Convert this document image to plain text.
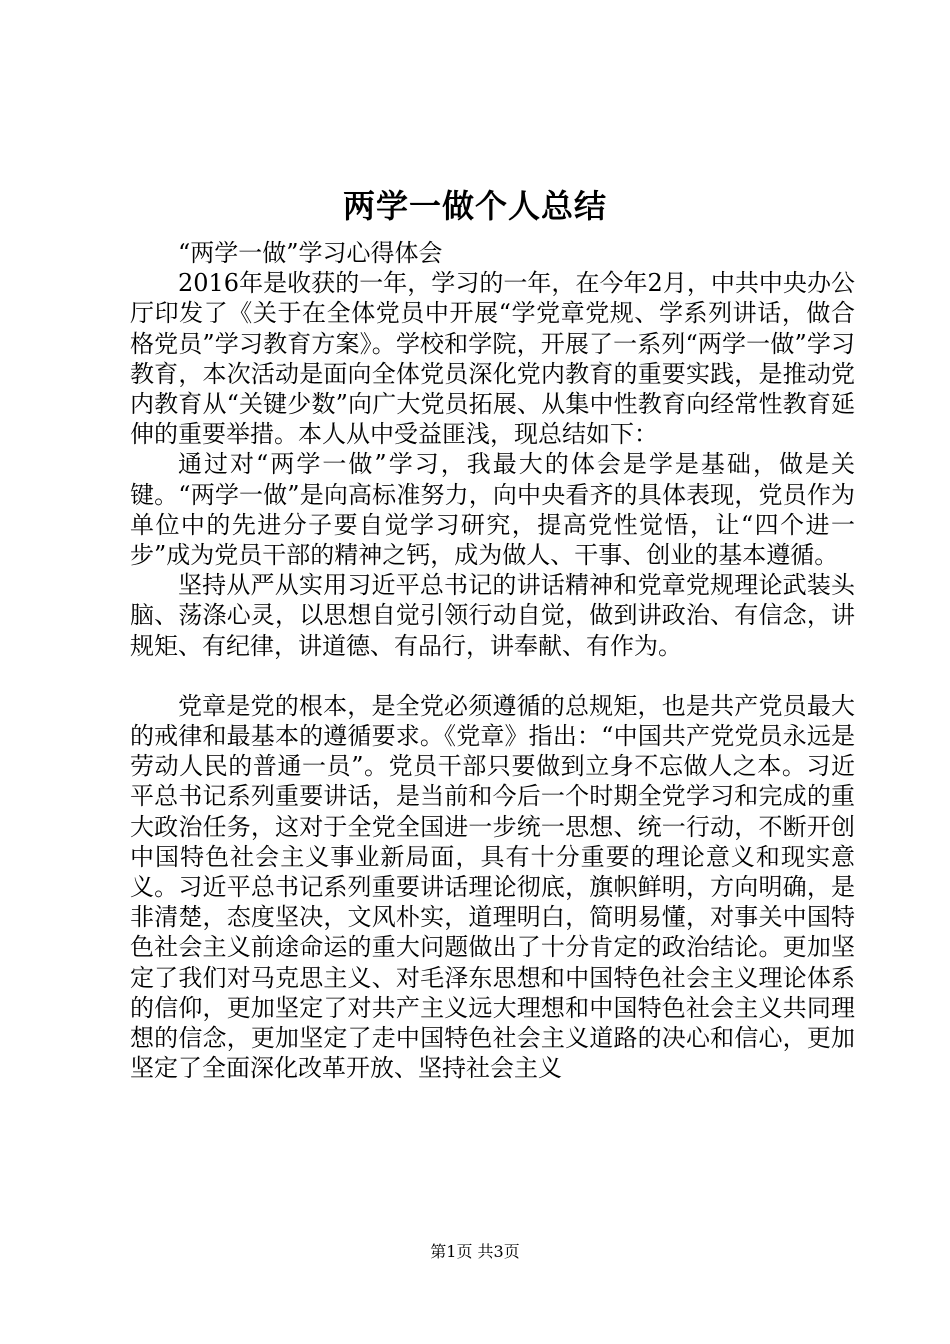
两学一做个人总结

“两学一做”学习心得体会

2016年是收获的一年，学习的一年，在今年2月，中共中央办公厅印发了《关于在全体党员中开展“学党章党规、学系列讲话，做合格党员”学习教育方案》。学校和学院，开展了一系列“两学一做”学习教育，本次活动是面向全体党员深化党内教育的重要实践，是推动党内教育从“关键少数”向广大党员拓展、从集中性教育向经常性教育延伸的重要举措。本人从中受益匪浅，现总结如下：

通过对“两学一做”学习，我最大的体会是学是基础，做是关键。“两学一做”是向高标准努力，向中央看齐的具体表现，党员作为单位中的先进分子要自觉学习研究，提高党性觉悟，让“四个进一步”成为党员干部的精神之钙，成为做人、干事、创业的基本遵循。

坚持从严从实用习近平总书记的讲话精神和党章党规理论武装头脑、荡涤心灵，以思想自觉引领行动自觉，做到讲政治、有信念，讲规矩、有纪律，讲道德、有品行，讲奉献、有作为。

党章是党的根本，是全党必须遵循的总规矩，也是共产党员最大的戒律和最基本的遵循要求。《党章》指出：“中国共产党党员永远是劳动人民的普通一员”。党员干部只要做到立身不忘做人之本。习近平总书记系列重要讲话，是当前和今后一个时期全党学习和完成的重大政治任务，这对于全党全国进一步统一思想、统一行动，不断开创中国特色社会主义事业新局面，具有十分重要的理论意义和现实意义。习近平总书记系列重要讲话理论彻底，旗帜鲜明，方向明确，是非清楚，态度坚决，文风朴实，道理明白，简明易懂，对事关中国特色社会主义前途命运的重大问题做出了十分肯定的政治结论。更加坚定了我们对马克思主义、对毛泽东思想和中国特色社会主义理论体系的信仰，更加坚定了对共产主义远大理想和中国特色社会主义共同理想的信念，更加坚定了走中国特色社会主义道路的决心和信心，更加坚定了全面深化改革开放、坚持社会主义

第1页 共3页
